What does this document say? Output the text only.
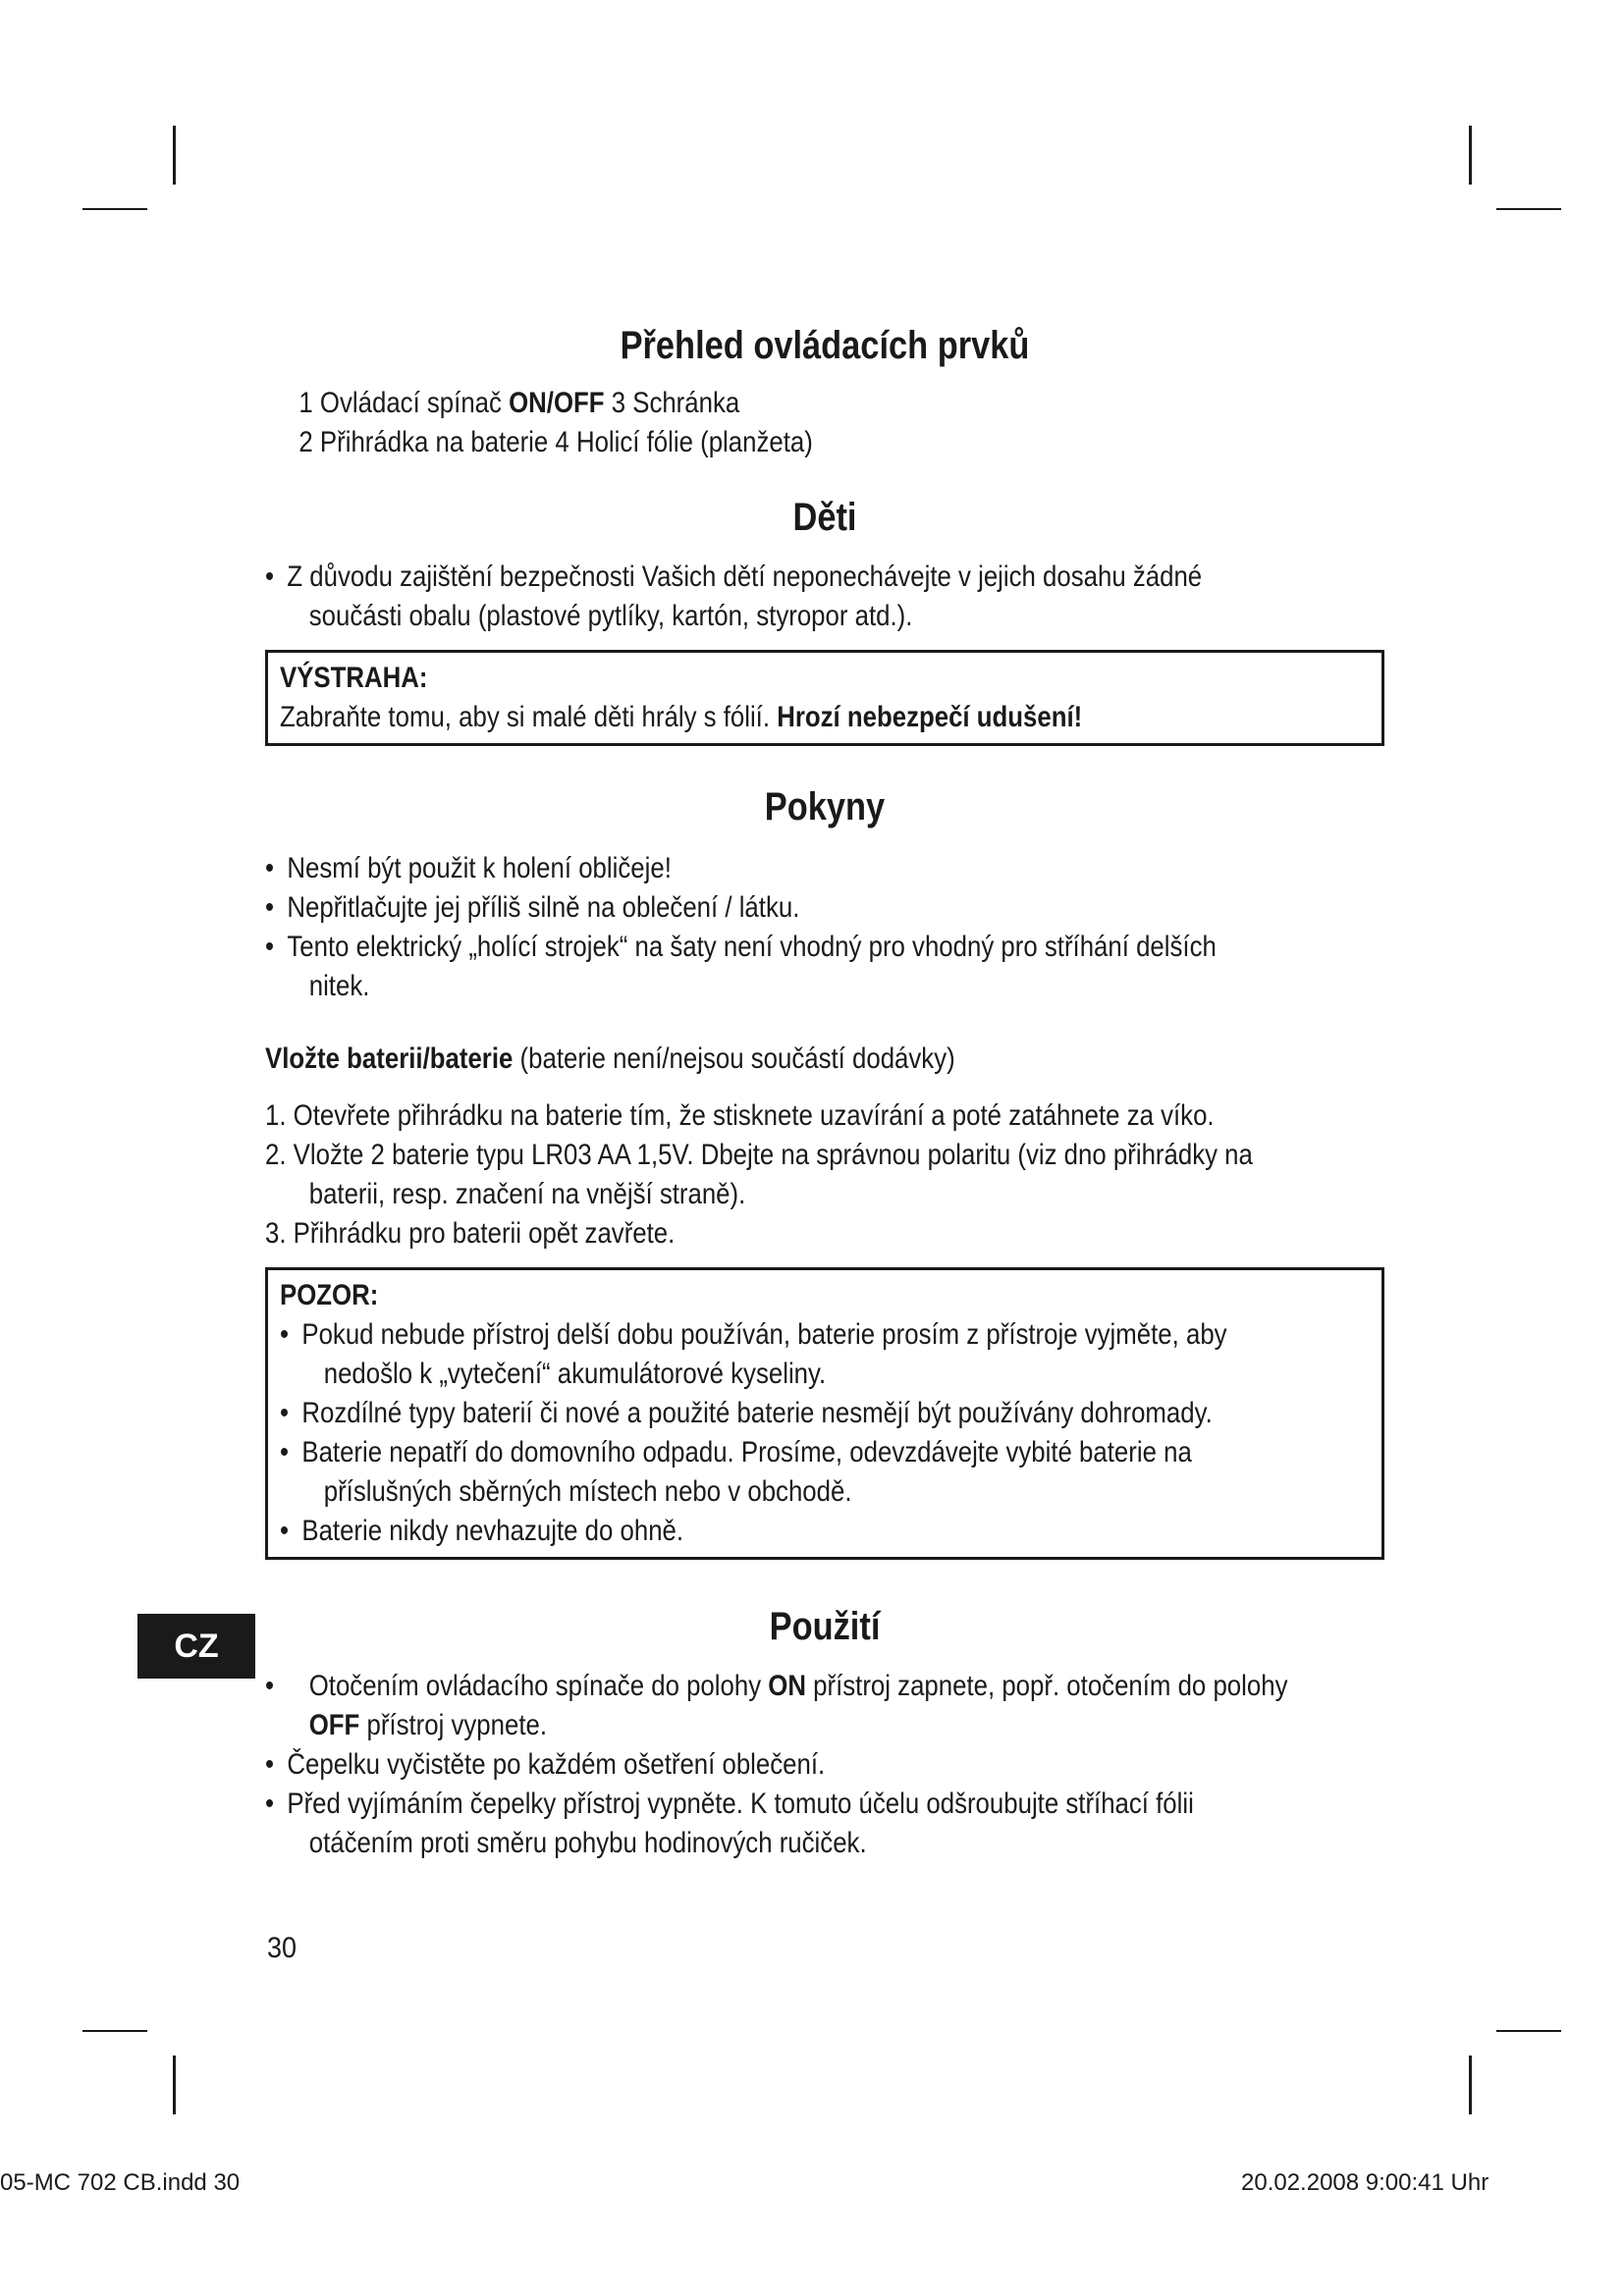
Přehled ovládacích prvků
1 Ovládací spínač ON/OFF 3 Schránka
2 Přihrádka na baterie 4 Holicí fólie (planžeta)
Děti
• Z důvodu zajištění bezpečnosti Vašich dětí neponechávejte v jejich dosahu žádné
součásti obalu (plastové pytlíky, kartón, styropor atd.).
VÝSTRAHA:
Zabraňte tomu, aby si malé děti hrály s fólií. Hrozí nebezpečí udušení!
Pokyny
• Nesmí být použit k holení obličeje!
• Nepřitlačujte jej příliš silně na oblečení / látku.
• Tento elektrický „holící strojek“ na šaty není vhodný pro vhodný pro stříhání delších
nitek.
Vložte baterii/baterie (baterie není/nejsou součástí dodávky)
1. Otevřete přihrádku na baterie tím, že stisknete uzavírání a poté zatáhnete za víko.
2. Vložte 2 baterie typu LR03 AA 1,5V. Dbejte na správnou polaritu (viz dno přihrádky na
baterii, resp. značení na vnější straně).
3. Přihrádku pro baterii opět zavřete.
POZOR:
• Pokud nebude přístroj delší dobu používán, baterie prosím z přístroje vyjměte, aby
nedošlo k „vytečení“ akumulátorové kyseliny.
• Rozdílné typy baterií či nové a použité baterie nesmějí být používány dohromady.
• Baterie nepatří do domovního odpadu. Prosíme, odevzdávejte vybité baterie na
příslušných sběrných místech nebo v obchodě.
• Baterie nikdy nevhazujte do ohně.
Použití
• Otočením ovládacího spínače do polohy ON přístroj zapnete, popř. otočením do polohy
OFF přístroj vypnete.
• Čepelku vyčistěte po každém ošetření oblečení.
• Před vyjímáním čepelky přístroj vypněte. K tomuto účelu odšroubujte stříhací fólii
otáčením proti směru pohybu hodinových ručiček.
CZ
30
05-MC 702 CB.indd 30	20.02.2008 9:00:41 Uhr
